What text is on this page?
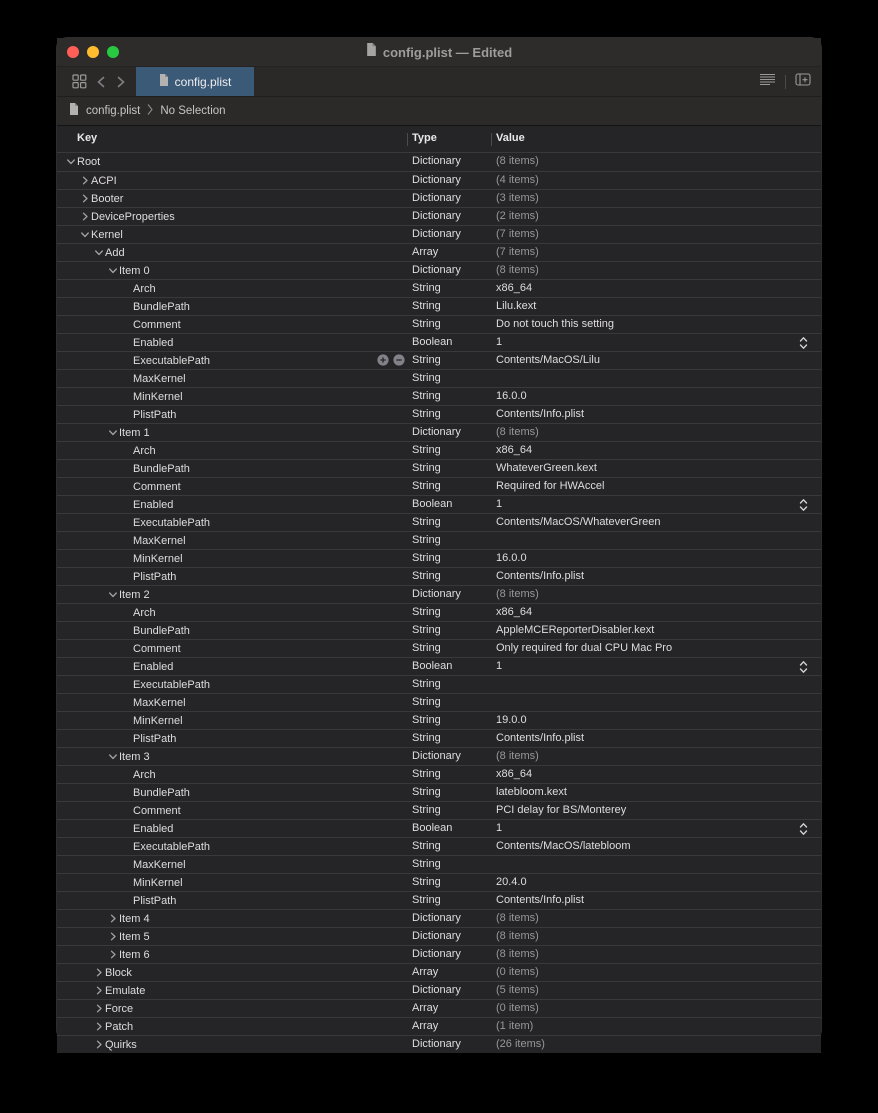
config.plist — Edited
config.plist
config.plist No Selection
Key	Type	Value
Root	Dictionary	(8 items)
ACPI	Dictionary	(4 items)
Booter	Dictionary	(3 items)
DeviceProperties	Dictionary	(2 items)
Kernel	Dictionary	(7 items)
Add	Array	(7 items)
Item 0	Dictionary	(8 items)
Arch	String	x86_64
BundlePath	String	Lilu.kext
Comment	String	Do not touch this setting
Enabled	Boolean	1
ExecutablePath	String	Contents/MacOS/Lilu
MaxKernel	String
MinKernel	String	16.0.0
PlistPath	String	Contents/Info.plist
Item 1	Dictionary	(8 items)
Arch	String	x86_64
BundlePath	String	WhateverGreen.kext
Comment	String	Required for HWAccel
Enabled	Boolean	1
ExecutablePath	String	Contents/MacOS/WhateverGreen
MaxKernel	String
MinKernel	String	16.0.0
PlistPath	String	Contents/Info.plist
Item 2	Dictionary	(8 items)
Arch	String	x86_64
BundlePath	String	AppleMCEReporterDisabler.kext
Comment	String	Only required for dual CPU Mac Pro
Enabled	Boolean	1
ExecutablePath	String
MaxKernel	String
MinKernel	String	19.0.0
PlistPath	String	Contents/Info.plist
Item 3	Dictionary	(8 items)
Arch	String	x86_64
BundlePath	String	latebloom.kext
Comment	String	PCI delay for BS/Monterey
Enabled	Boolean	1
ExecutablePath	String	Contents/MacOS/latebloom
MaxKernel	String
MinKernel	String	20.4.0
PlistPath	String	Contents/Info.plist
Item 4	Dictionary	(8 items)
Item 5	Dictionary	(8 items)
Item 6	Dictionary	(8 items)
Block	Array	(0 items)
Emulate	Dictionary	(5 items)
Force	Array	(0 items)
Patch	Array	(1 item)
Quirks	Dictionary	(26 items)
